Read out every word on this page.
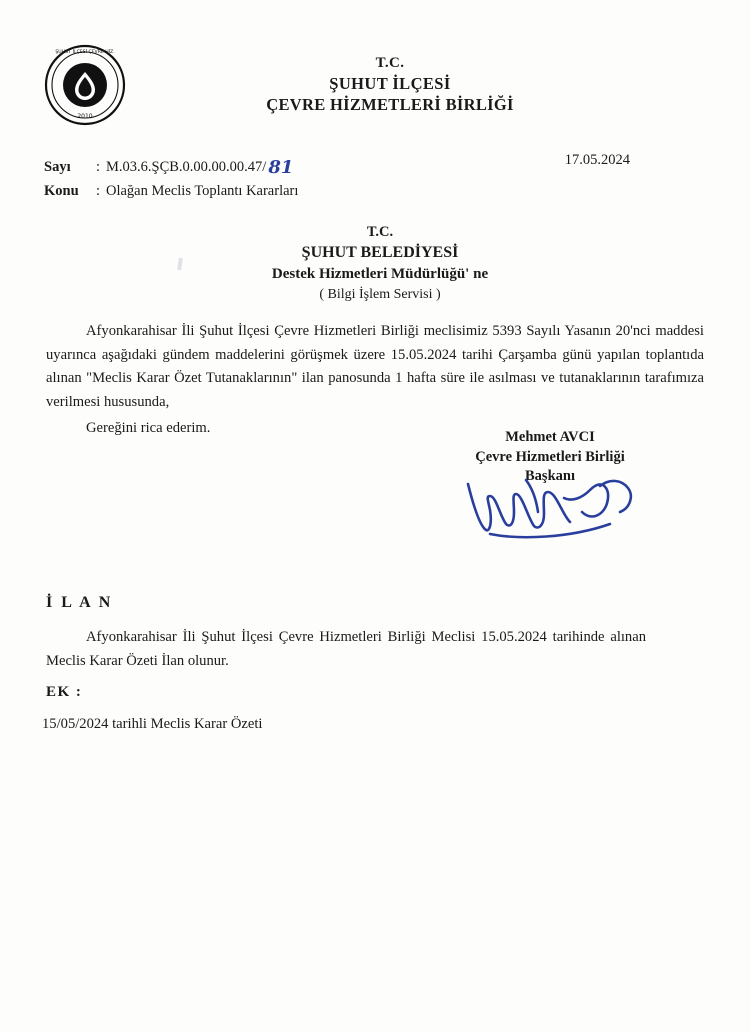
2010
ŞUHUT İLÇESİ ÇEVRE HİZ.
T.C.
ŞUHUT İLÇESİ
ÇEVRE HİZMETLERİ BİRLİĞİ
Sayı	: M.03.6.ŞÇB.0.00.00.00.47/ 81
Konu	: Olağan Meclis Toplantı Kararları
17.05.2024
T.C.
ŞUHUT BELEDİYESİ
Destek Hizmetleri Müdürlüğü' ne
( Bilgi İşlem Servisi )

Afyonkarahisar İli Şuhut İlçesi Çevre Hizmetleri Birliği meclisimiz 5393 Sayılı Yasanın 20'nci maddesi uyarınca aşağıdaki gündem maddelerini görüşmek üzere 15.05.2024 tarihi Çarşamba günü yapılan toplantıda alınan "Meclis Karar Özet Tutanaklarının" ilan panosunda 1 hafta süre ile asılması ve tutanaklarının tarafımıza verilmesi hususunda,

Gereğini rica ederim.

Mehmet AVCI
Çevre Hizmetleri Birliği
Başkanı
İ L A N

Afyonkarahisar İli Şuhut İlçesi Çevre Hizmetleri Birliği Meclisi 15.05.2024 tarihinde alınan Meclis Karar Özeti İlan olunur.

EK :
15/05/2024 tarihli Meclis Karar Özeti
